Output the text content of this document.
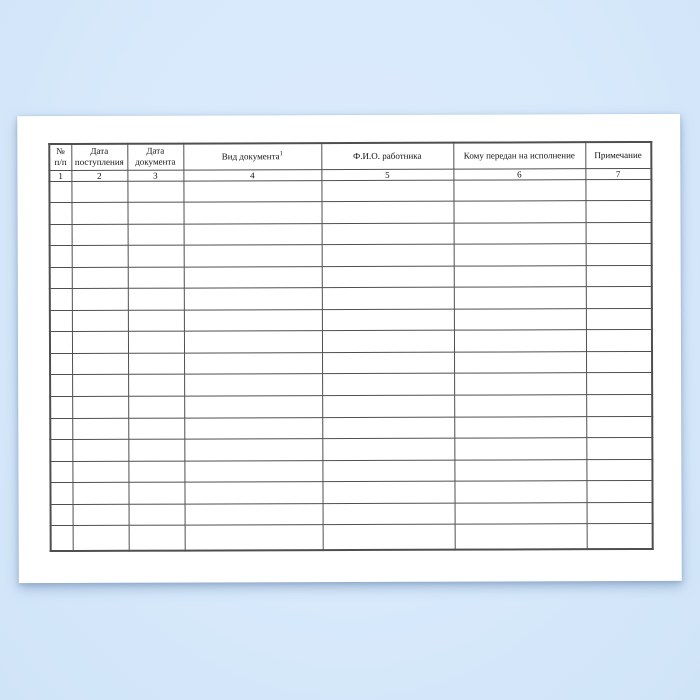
№ п/п	Дата поступления	Дата документа	Вид документа$^1$	Ф.И.О. работника	Кому передан на исполнение	Примечание
1	2	3	4	5	6	7
